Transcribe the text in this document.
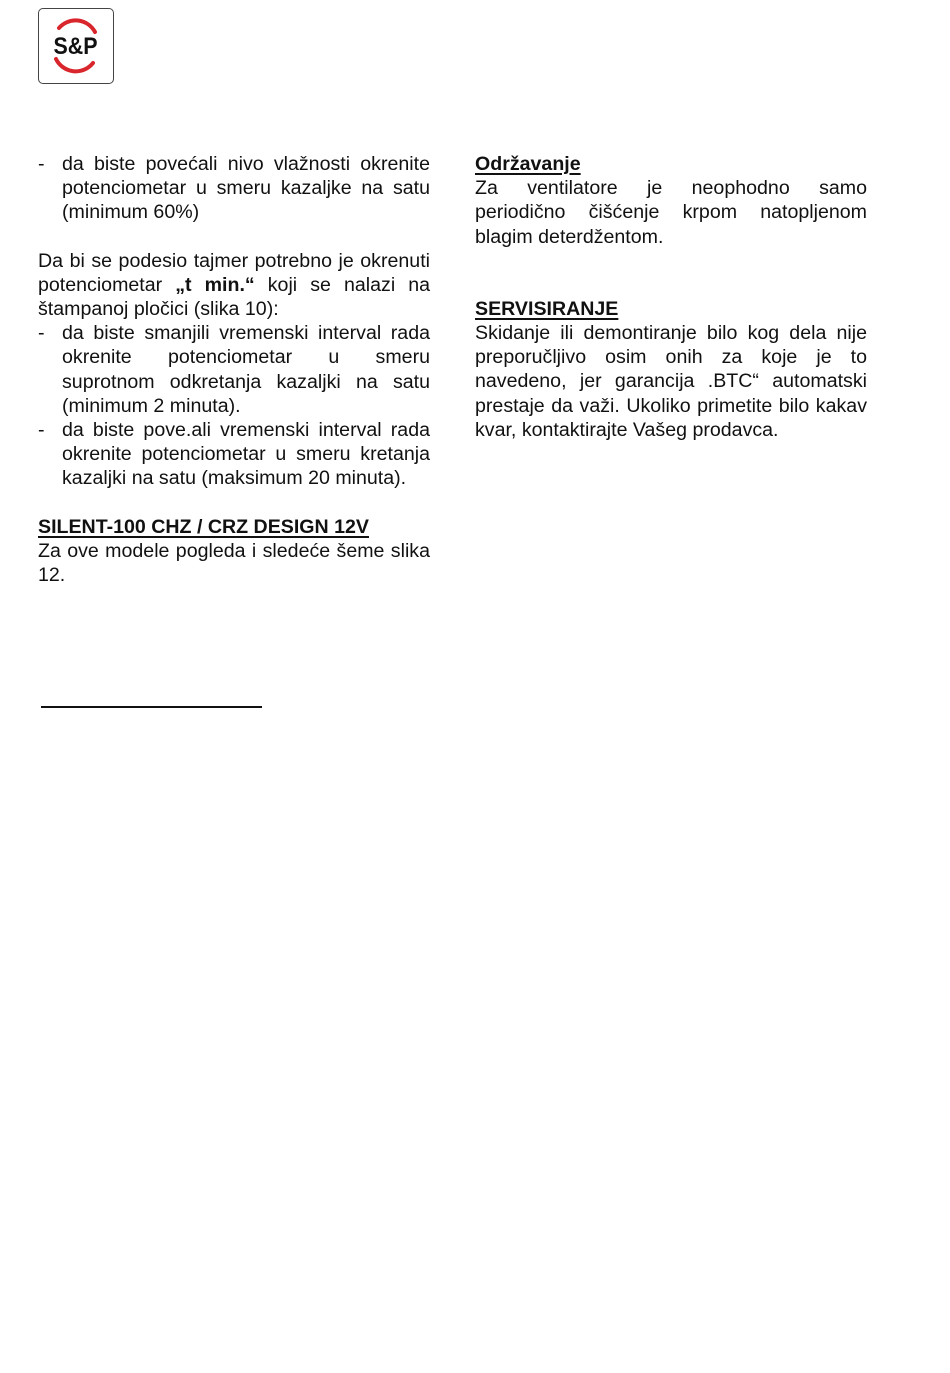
S&P
- da biste povećali nivo vlažnosti okrenite potenciometar u smeru kazaljke na satu (minimum 60%)

Da bi se podesio tajmer potrebno je okrenuti potenciometar „t min.“ koji se nalazi na štampanoj pločici (slika 10):

- da biste smanjili vremenski interval rada okrenite potenciometar u smeru suprotnom odkretanja kazaljki na satu (minimum 2 minuta).
- da biste pove.ali vremenski interval rada okrenite potenciometar u smeru kretanja kazaljki na satu (maksimum 20 minuta).
SILENT-100 CHZ / CRZ DESIGN 12V

Za ove modele pogleda i sledeće šeme slika 12.

Održavanje

Za ventilatore je neophodno samo periodično čišćenje krpom natopljenom blagim deterdžentom.

SERVISIRANJE

Skidanje ili demontiranje bilo kog dela nije preporučljivo osim onih za koje je to navedeno, jer garancija .BTC“ automatski prestaje da važi. Ukoliko primetite bilo kakav kvar, kontaktirajte Vašeg prodavca.
